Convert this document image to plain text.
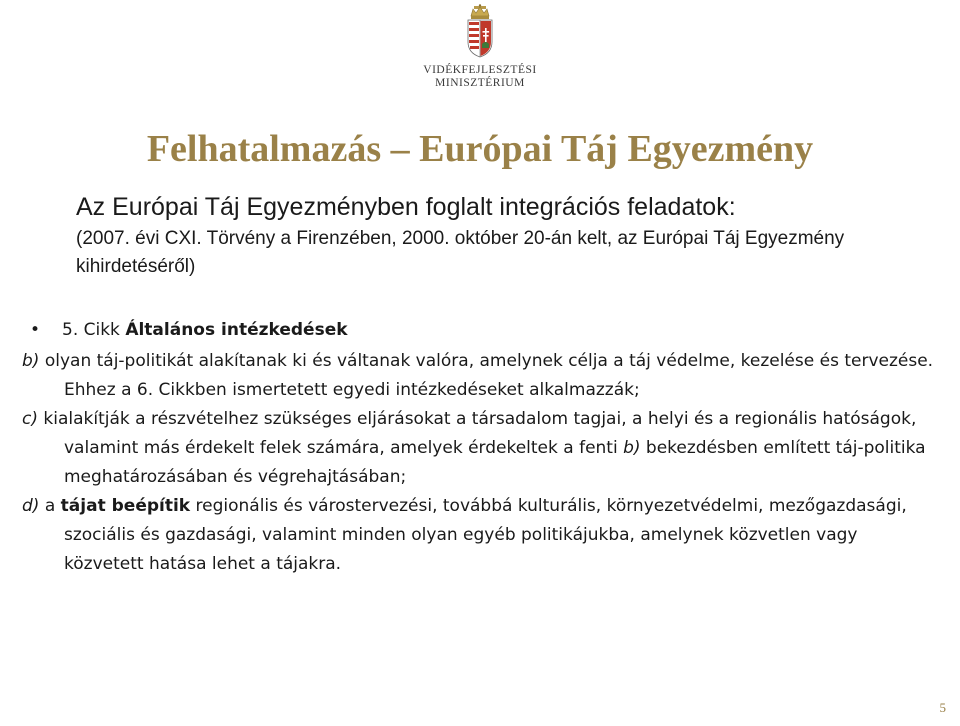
VIDÉKFEJLESZTÉSI
MINISZTÉRIUM
Felhatalmazás – Európai Táj Egyezmény
Az Európai Táj Egyezményben foglalt integrációs feladatok:
(2007. évi CXI. Törvény a Firenzében, 2000. október 20-án kelt, az Európai Táj Egyezmény kihirdetéséről)
• 5. Cikk Általános intézkedések
b) olyan táj-politikát alakítanak ki és váltanak valóra, amelynek célja a táj védelme, kezelése és tervezése. Ehhez a 6. Cikkben ismertetett egyedi intézkedéseket alkalmazzák;
c) kialakítják a részvételhez szükséges eljárásokat a társadalom tagjai, a helyi és a regionális hatóságok, valamint más érdekelt felek számára, amelyek érdekeltek a fenti b) bekezdésben említett táj-politika meghatározásában és végrehajtásában;
d) a tájat beépítik regionális és várostervezési, továbbá kulturális, környezetvédelmi, mezőgazdasági, szociális és gazdasági, valamint minden olyan egyéb politikájukba, amelynek közvetlen vagy közvetett hatása lehet a tájakra.
5
